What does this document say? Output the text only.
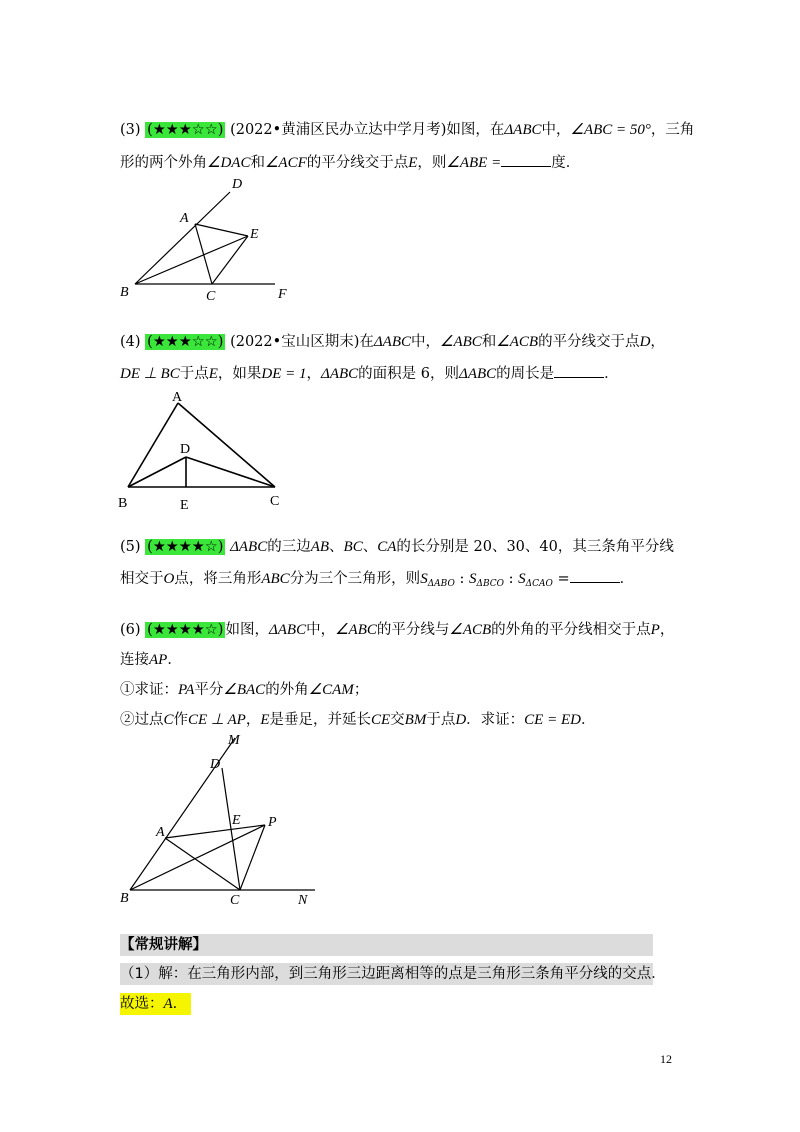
(3) (★★★☆☆) (2022•黄浦区民办立达中学月考)如图，在ΔABC中，∠ABC = 50°，三角
形的两个外角∠DAC和∠ACF的平分线交于点E，则∠ABE =	度．
D
A
E
B	C	F
(4) (★★★☆☆) (2022•宝山区期末)在ΔABC中，∠ABC和∠ACB的平分线交于点D，
DE ⊥ BC于点E，如果DE = 1，ΔABC的面积是 6，则ΔABC的周长是	．
A
D
B	E	C
(5) (★★★★☆) ΔABC的三边AB、BC、CA的长分别是 20、30、40，其三条角平分线
相交于O点，将三角形ABC分为三个三角形，则$S_{\Delta ABO}$ : $S_{\Delta BCO}$ : $S_{\Delta CAO}$ =	．
(6) (★★★★☆) 如图，ΔABC中，∠ABC的平分线与∠ACB的外角的平分线相交于点P，
连接AP．
①求证：PA平分∠BAC的外角∠CAM；
②过点C作CE ⊥ AP，E是垂足，并延长CE交BM于点D．求证：CE = ED．
M
D
A
E P
B	C	N
【常规讲解】
（1）解：在三角形内部，到三角形三边距离相等的点是三角形三条角平分线的交点．
故选：A．
12
